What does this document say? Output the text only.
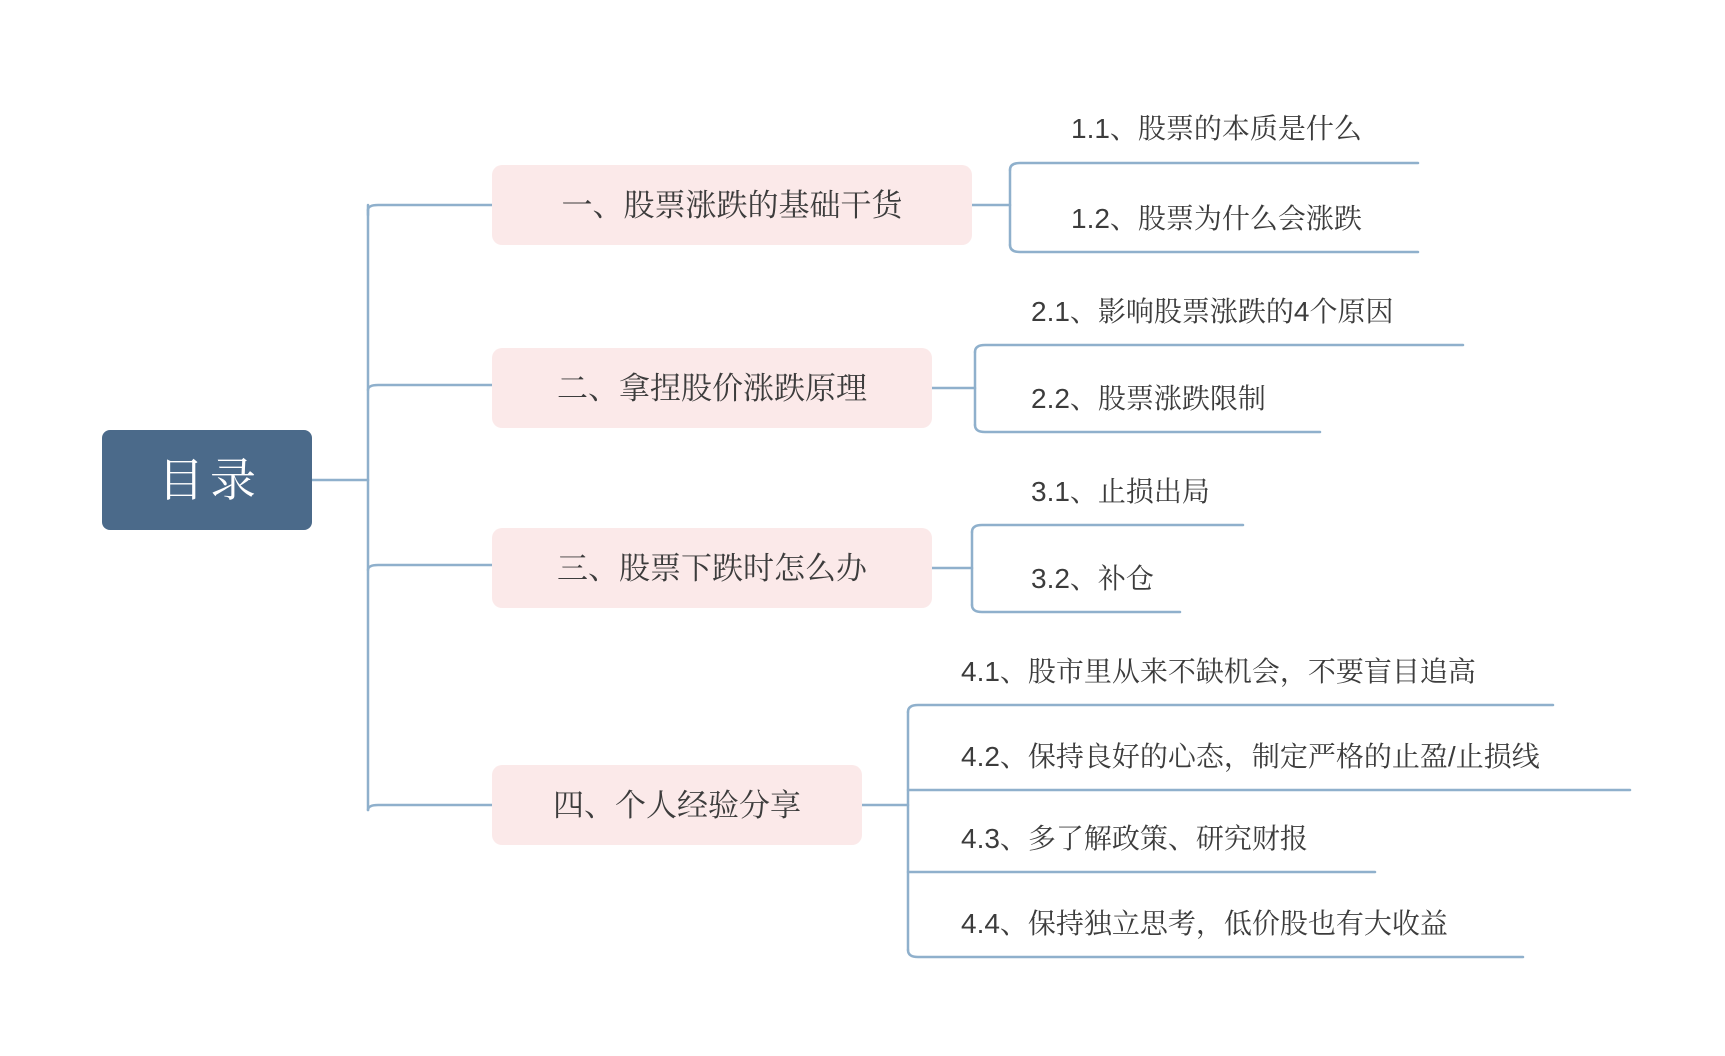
目录
一、股票涨跌的基础干货
二、拿捏股价涨跌原理
三、股票下跌时怎么办
四、个人经验分享
1.1、股票的本质是什么
1.2、股票为什么会涨跌
2.1、影响股票涨跌的4个原因
2.2、股票涨跌限制
3.1、止损出局
3.2、补仓
4.1、股市里从来不缺机会，不要盲目追高
4.2、保持良好的心态，制定严格的止盈/止损线
4.3、多了解政策、研究财报
4.4、保持独立思考，低价股也有大收益
